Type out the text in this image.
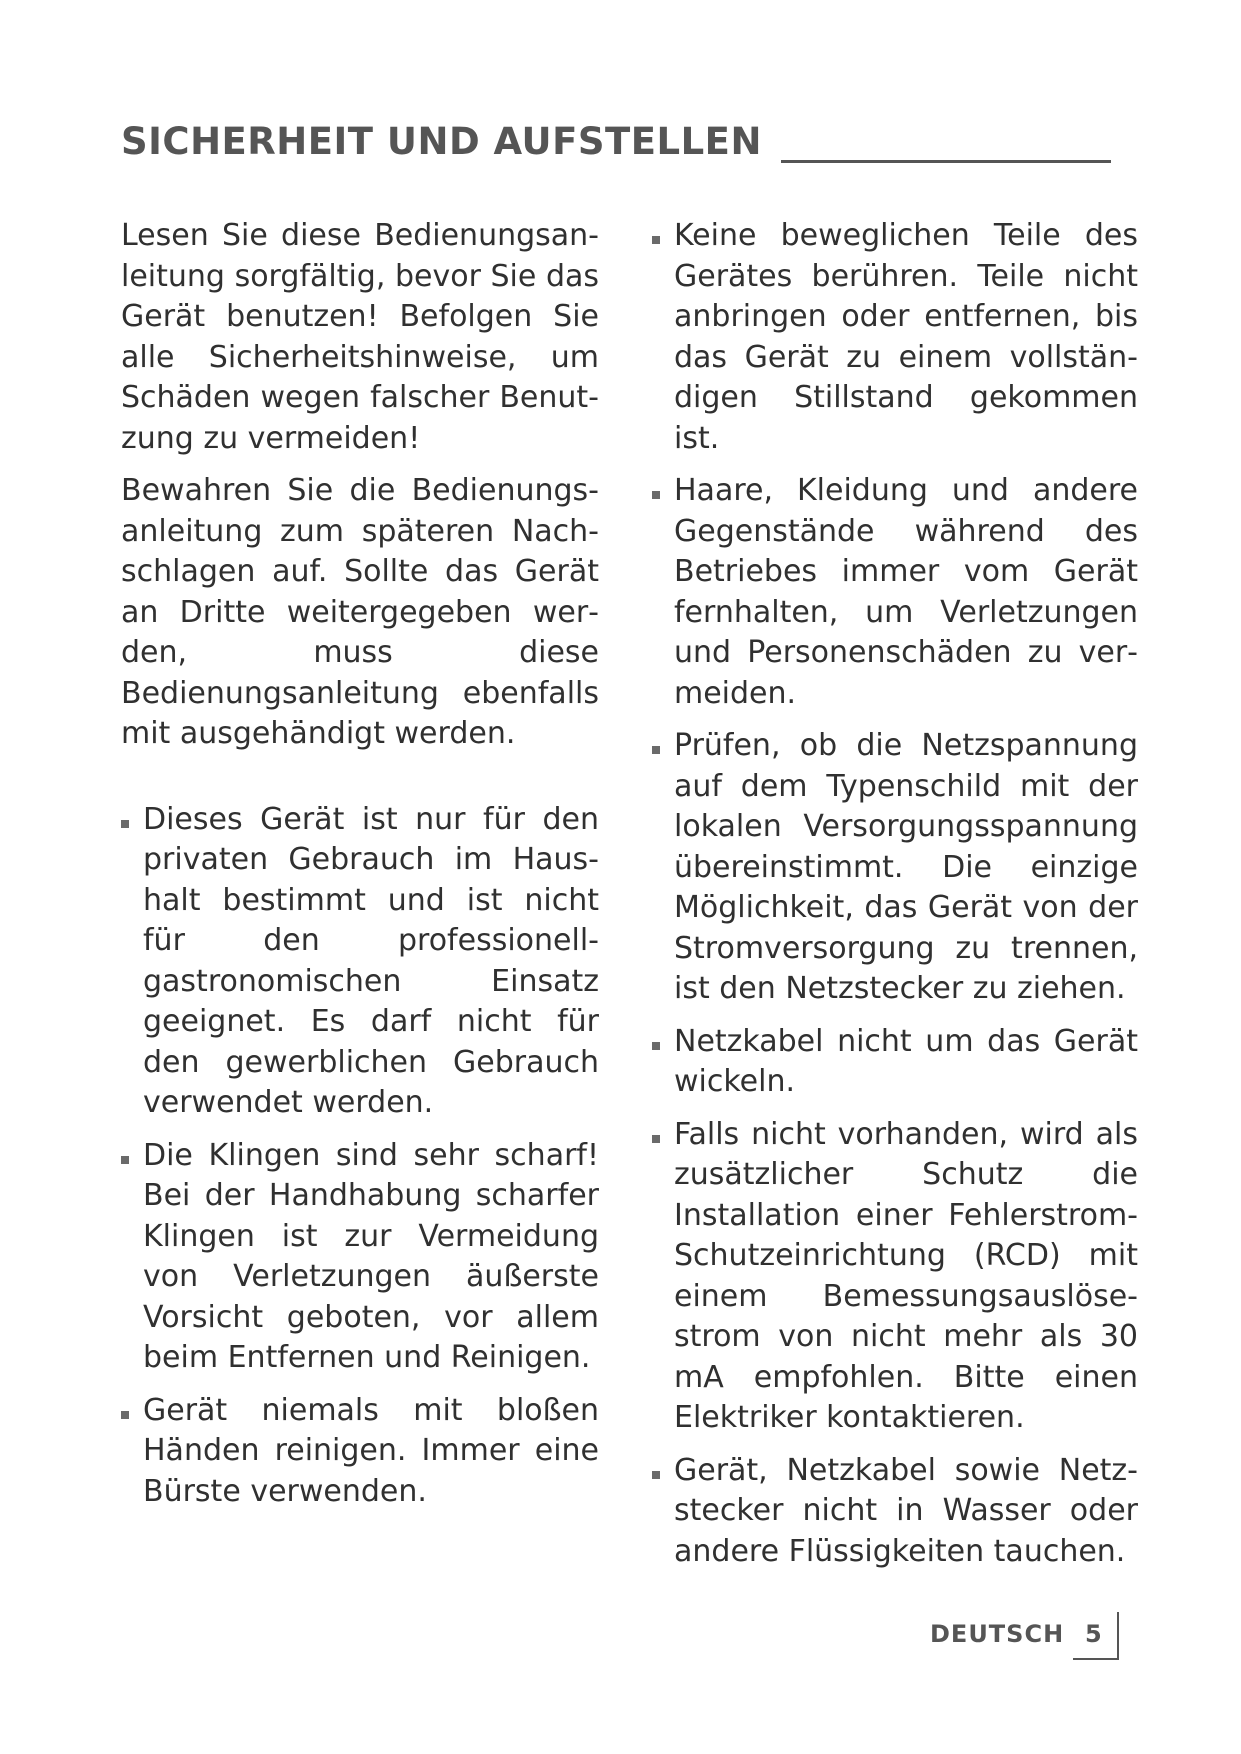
SICHERHEIT UND AUFSTELLEN

Lesen Sie diese Bedienungsanleitung sorgfältig, bevor Sie das Gerät benutzen! Befolgen Sie alle Sicherheitshinweise, um Schäden wegen falscher Benutzung zu vermeiden!

Bewahren Sie die Bedienungsanleitung zum späteren Nachschlagen auf. Sollte das Gerät an Dritte weitergegeben werden, muss diese Bedienungsanleitung ebenfalls mit ausgehändigt werden.

Dieses Gerät ist nur für den privaten Gebrauch im Haushalt bestimmt und ist nicht für den professionell-gastronomischen Einsatz geeignet. Es darf nicht für den gewerblichen Gebrauch verwendet werden.
Die Klingen sind sehr scharf! Bei der Handhabung scharfer Klingen ist zur Vermeidung von Verletzungen äußerste Vorsicht geboten, vor allem beim Entfernen und Reinigen.
Gerät niemals mit bloßen Händen reinigen. Immer eine Bürste verwenden.
Keine beweglichen Teile des Gerätes berühren. Teile nicht anbringen oder entfernen, bis das Gerät zu einem vollständigen Stillstand gekommen ist.
Haare, Kleidung und andere Gegenstände während des Betriebes immer vom Gerät fernhalten, um Verletzungen und Personenschäden zu vermeiden.
Prüfen, ob die Netzspannung auf dem Typenschild mit der lokalen Versorgungsspannung übereinstimmt. Die einzige Möglichkeit, das Gerät von der Stromversorgung zu trennen, ist den Netzstecker zu ziehen.
Netzkabel nicht um das Gerät wickeln.
Falls nicht vorhanden, wird als zusätzlicher Schutz die Installation einer Fehlerstrom-Schutzeinrichtung (RCD) mit einem Bemessungsauslösestrom von nicht mehr als 30 mA empfohlen. Bitte einen Elektriker kontaktieren.
Gerät, Netzkabel sowie Netzstecker nicht in Wasser oder andere Flüssigkeiten tauchen.
DEUTSCH 5
